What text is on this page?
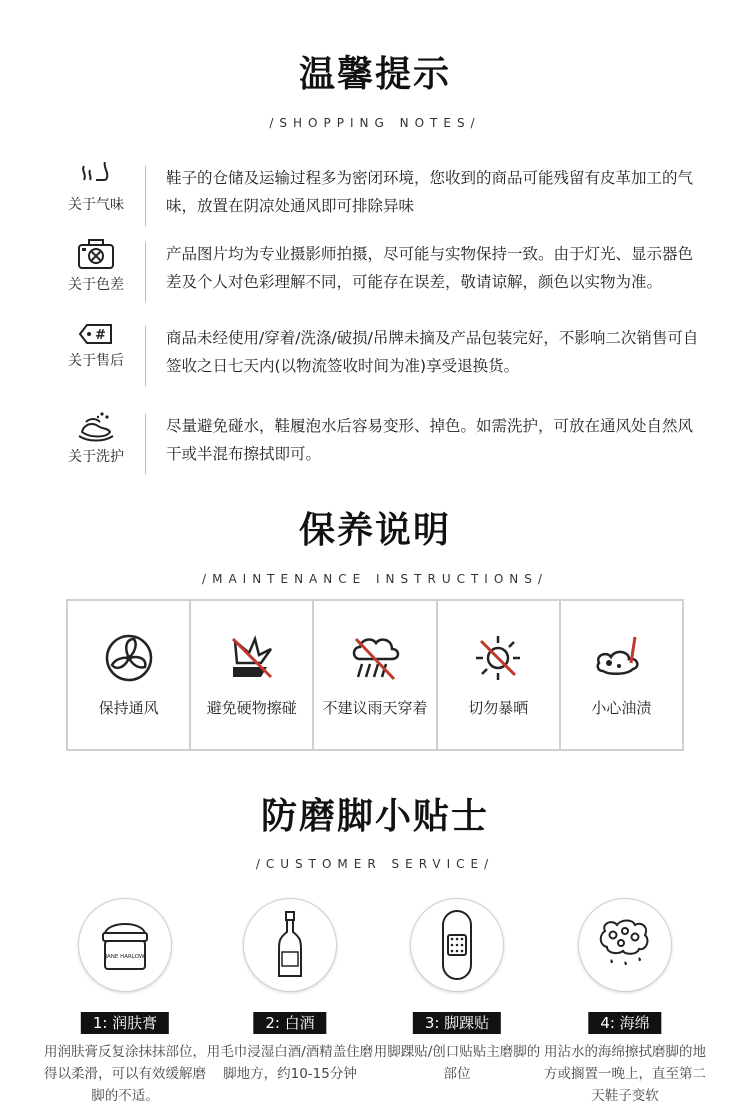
温馨提示
/SHOPPING NOTES/
关于气味
鞋子的仓储及运输过程多为密闭环境，您收到的商品可能残留有皮革加工的气味，放置在阴凉处通风即可排除异味
关于色差
产品图片均为专业摄影师拍摄，尽可能与实物保持一致。由于灯光、显示器色差及个人对色彩理解不同，可能存在误差，敬请谅解，颜色以实物为准。
#
关于售后
商品未经使用/穿着/洗涤/破损/吊牌未摘及产品包装完好，不影响二次销售可自签收之日七天内(以物流签收时间为准)享受退换货。
关于洗护
尽量避免碰水，鞋履泡水后容易变形、掉色。如需洗护，可放在通风处自然风干或半混布擦拭即可。
保养说明
/MAINTENANCE INSTRUCTIONS/
保持通风	避免硬物擦碰	不建议雨天穿着	切勿暴晒	小心油渍
防磨脚小贴士
/CUSTOMER SERVICE/
JANE HARLOW
1: 润肤膏
用润肤膏反复涂抹抹部位，得以柔滑，可以有效缓解磨脚的不适。
2: 白酒
用毛巾浸湿白酒/酒精盖住磨脚地方，约10-15分钟
3: 脚踝贴
用脚踝贴/创口贴贴主磨脚的部位
4: 海绵
用沾水的海绵擦拭磨脚的地方或搁置一晚上，直至第二天鞋子变软
